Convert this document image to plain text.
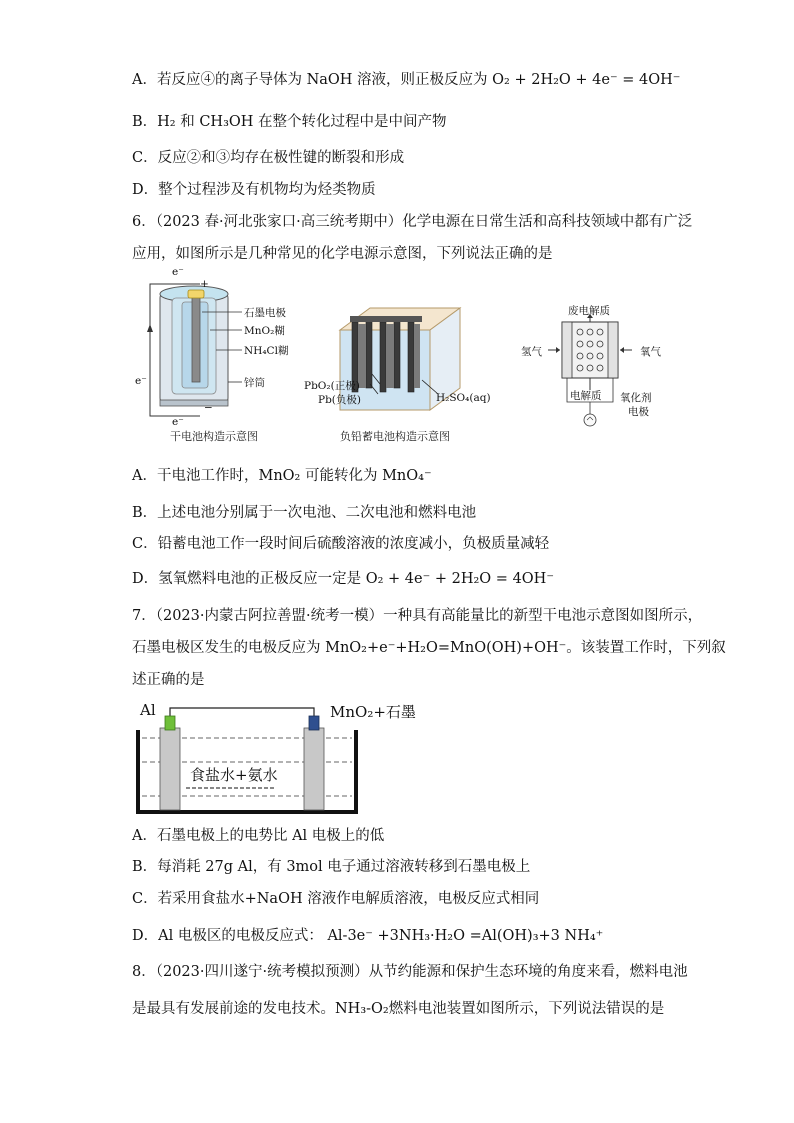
A．若反应④的离子导体为 NaOH 溶液，则正极反应为 O₂ + 2H₂O + 4e⁻ = 4OH⁻
B．H₂ 和 CH₃OH 在整个转化过程中是中间产物
C．反应②和③均存在极性键的断裂和形成
D．整个过程涉及有机物均为烃类物质
6．（2023 春·河北张家口·高三统考期中）化学电源在日常生活和高科技领域中都有广泛
应用，如图所示是几种常见的化学电源示意图，下列说法正确的是
e⁻
+
e⁻
e⁻
−
石墨电极
MnO₂糊
NH₄Cl糊
锌筒
干电池构造示意图
PbO₂(正极)
Pb(负极)	H₂SO₄(aq)
负铅蓄电池构造示意图
废电解质
氢气	氧气
电解质 氧化剂
电极
A．干电池工作时，MnO₂ 可能转化为 MnO₄⁻
B．上述电池分别属于一次电池、二次电池和燃料电池
C．铅蓄电池工作一段时间后硫酸溶液的浓度减小，负极质量减轻
D．氢氧燃料电池的正极反应一定是 O₂ + 4e⁻ + 2H₂O = 4OH⁻
7．（2023·内蒙古阿拉善盟·统考一模）一种具有高能量比的新型干电池示意图如图所示，
石墨电极区发生的电极反应为 MnO₂+e⁻+H₂O=MnO(OH)+OH⁻。该装置工作时，下列叙
述正确的是
Al	MnO₂+石墨
食盐水+氨水
A．石墨电极上的电势比 Al 电极上的低
B．每消耗 27g Al，有 3mol 电子通过溶液转移到石墨电极上
C．若采用食盐水+NaOH 溶液作电解质溶液，电极反应式相同
D．Al 电极区的电极反应式： Al-3e⁻ +3NH₃·H₂O =Al(OH)₃+3 NH₄⁺
8．（2023·四川遂宁·统考模拟预测）从节约能源和保护生态环境的角度来看，燃料电池
是最具有发展前途的发电技术。NH₃-O₂燃料电池装置如图所示，下列说法错误的是
